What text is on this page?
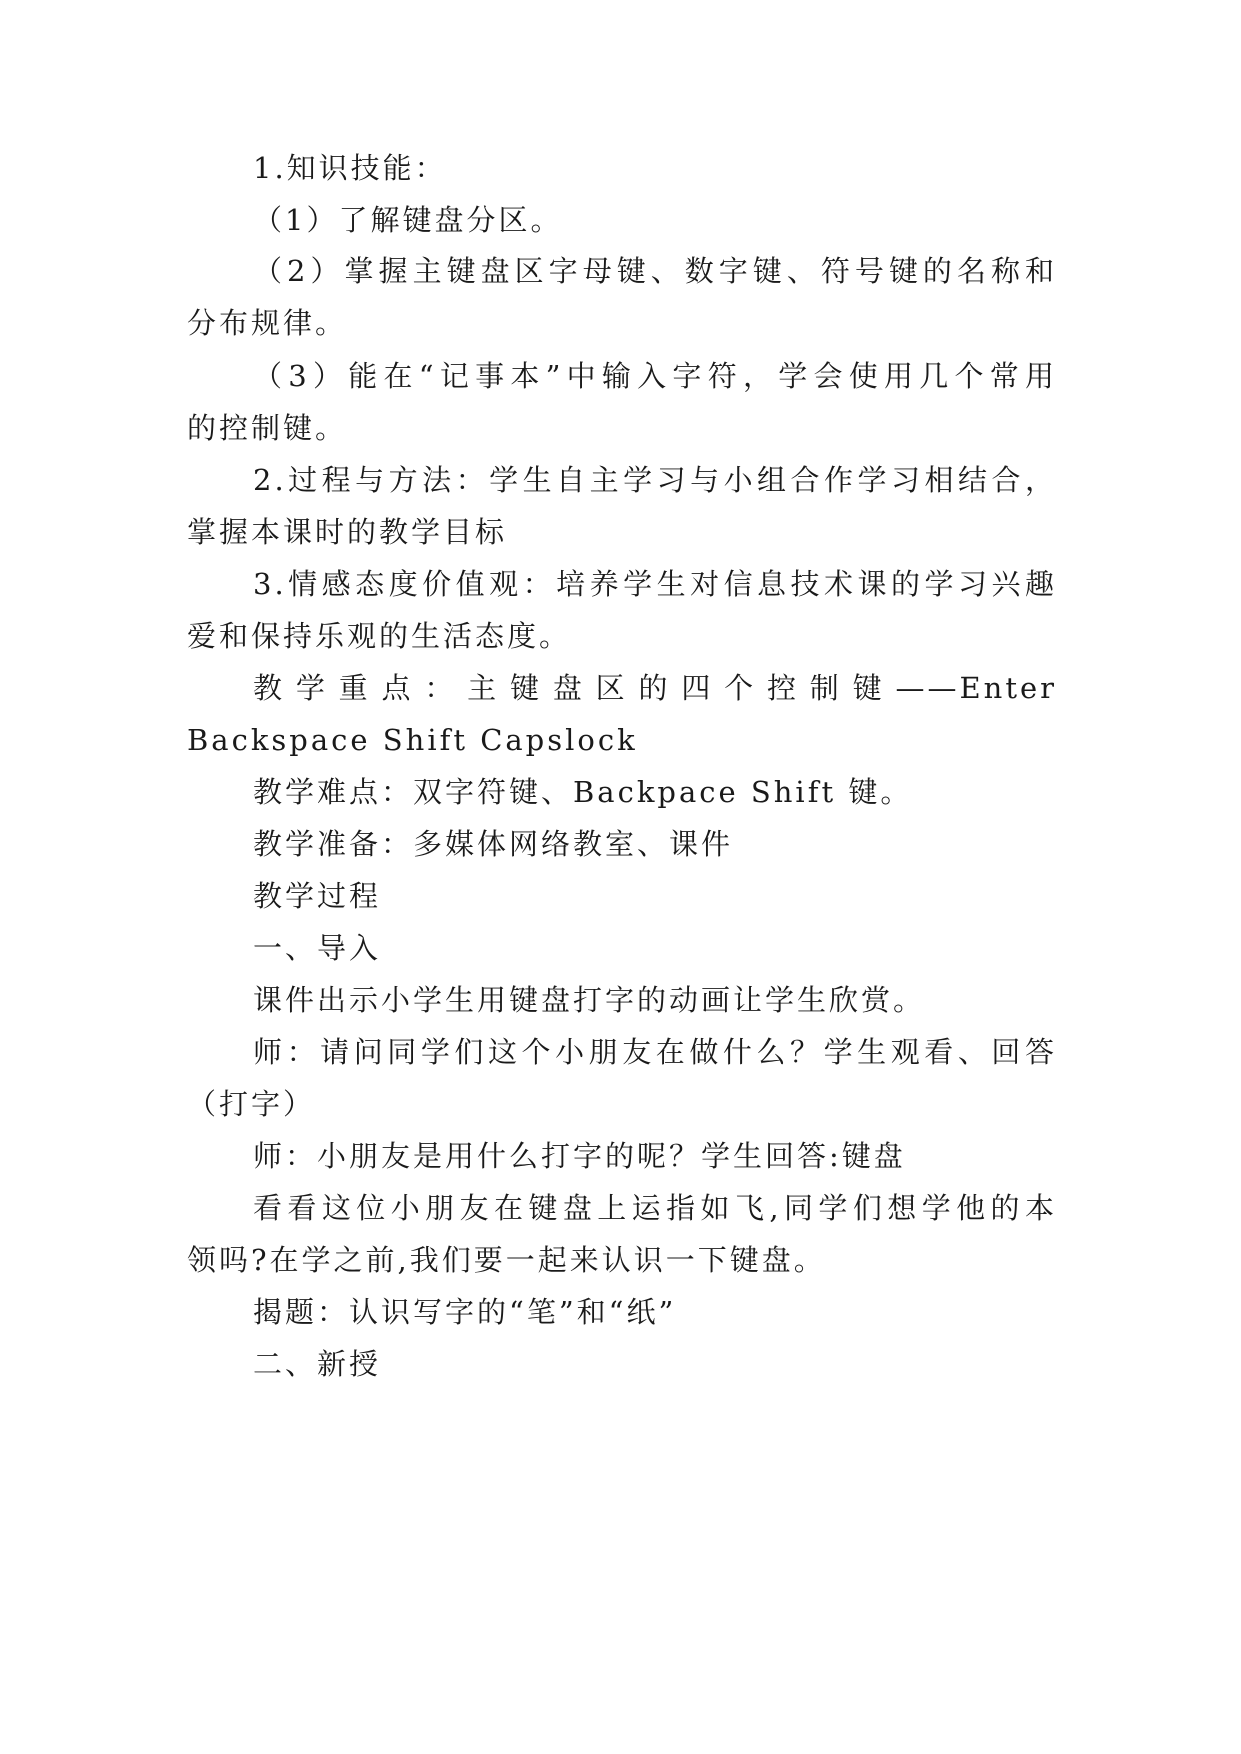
1.知识技能：
（1）了解键盘分区。
（2）掌握主键盘区字母键、数字键、符号键的名称和
分布规律。
（3）能在“记事本”中输入字符，学会使用几个常用
的控制键。
2.过程与方法：学生自主学习与小组合作学习相结合，
掌握本课时的教学目标
3.情感态度价值观：培养学生对信息技术课的学习兴趣
爱和保持乐观的生活态度。
教学重点：主键盘区的四个控制键——Enter
Backspace Shift Capslock
教学难点：双字符键、Backpace Shift 键。
教学准备：多媒体网络教室、课件
教学过程
一、导入
课件出示小学生用键盘打字的动画让学生欣赏。
师：请问同学们这个小朋友在做什么？学生观看、回答
（打字）
师：小朋友是用什么打字的呢？学生回答:键盘
看看这位小朋友在键盘上运指如飞,同学们想学他的本
领吗?在学之前,我们要一起来认识一下键盘。
揭题：认识写字的“笔”和“纸”
二、新授
